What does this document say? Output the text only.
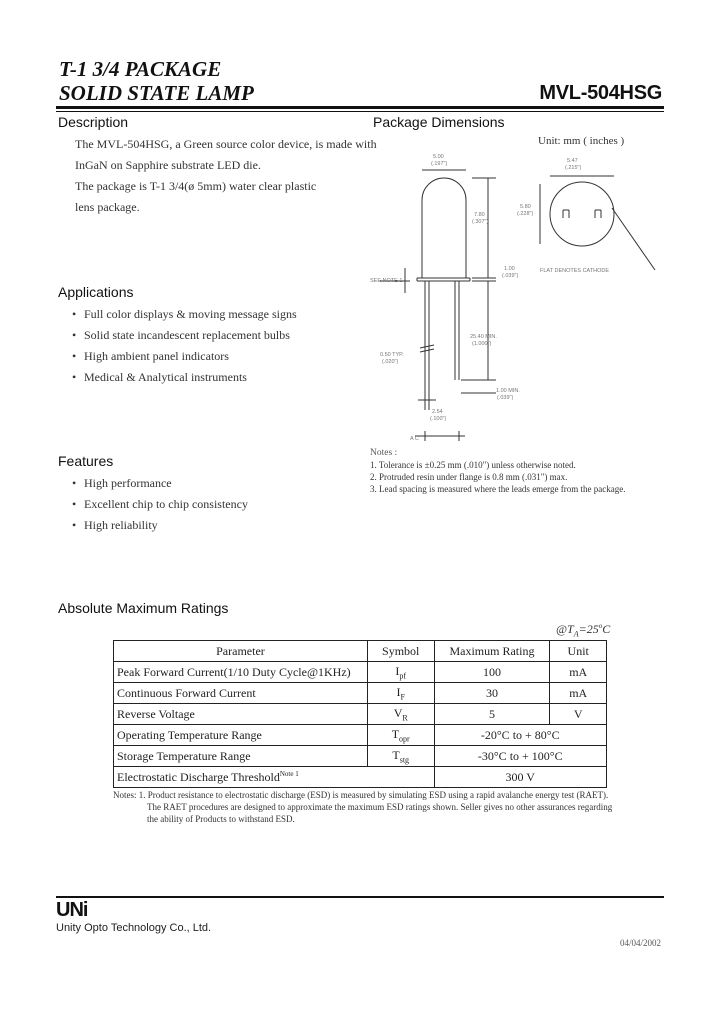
T-1 3/4 PACKAGE
SOLID STATE LAMP	MVL-504HSG
Description
The MVL-504HSG, a Green source color device, is made with
InGaN on Sapphire substrate LED die.
The package is T-1 3/4(ø 5mm) water clear plastic
lens package.
Package Dimensions
Unit: mm ( inches )
5.00
(.197")	5.47
(.215")
5.80
(.228")
7.80
(.307")
1.00
(.039")
SEE NOTE 1
25.40 MIN.
(1.000")
0.50 TYP.
(.020")
1.00 MIN.
(.039")
2.54
(.100")
A C
FLAT DENOTES CATHODE
Notes :
1. Tolerance is ±0.25 mm (.010") unless otherwise noted.
2. Protruded resin under flange is 0.8 mm (.031") max.
3. Lead spacing is measured where the leads emerge from the package.
Applications
• Full color displays & moving message signs
• Solid state incandescent replacement bulbs
• High ambient panel indicators
• Medical & Analytical instruments
Features
• High performance
• Excellent chip to chip consistency
• High reliability
Absolute Maximum Ratings
$@T_A=25^oC$
Parameter	Symbol	Maximum Rating	Unit
Peak Forward Current(1/10 Duty Cycle@1KHz)	$I_{pf}$	100	mA
Continuous Forward Current	$I_F$	30	mA
Reverse Voltage	$V_R$	5	V
Operating Temperature Range	$T_{opr}$	-20°C to + 80°C	
Storage Temperature Range	$T_{stg}$	-30°C to + 100°C	
Electrostatic Discharge Threshold$^{Note 1}$		300 V	
Notes: 1. Product resistance to electrostatic discharge (ESD) is measured by simulating ESD using a rapid avalanche energy test (RAET).
The RAET procedures are designed to approximate the maximum ESD ratings shown. Seller gives no other assurances regarding
the ability of Products to withstand ESD.
UNi
Unity Opto Technology Co., Ltd.
04/04/2002
